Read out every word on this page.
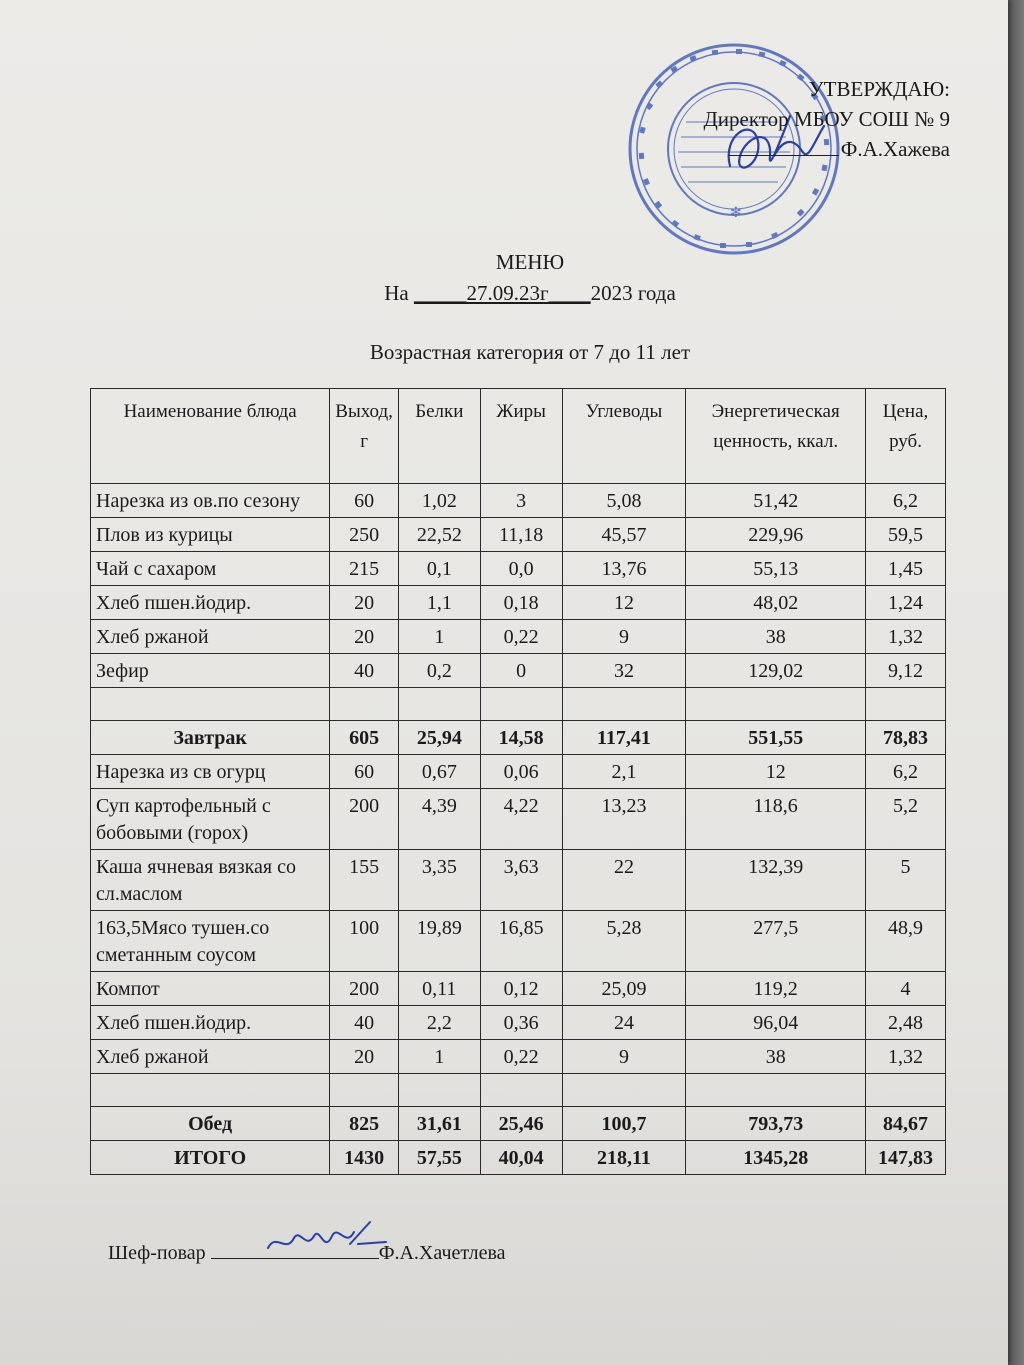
✻
УТВЕРЖДАЮ:
Директор МБОУ СОШ № 9
Ф.А.Хажева
МЕНЮ
На _____27.09.23г____2023 года
Возрастная категория от 7 до 11 лет
Наименование блюда	Выход, г	Белки	Жиры	Углеводы	Энергетическая ценность, ккал.	Цена, руб.
Нарезка из ов.по сезону	60	1,02	3	5,08	51,42	6,2
Плов из курицы	250	22,52	11,18	45,57	229,96	59,5
Чай с сахаром	215	0,1	0,0	13,76	55,13	1,45
Хлеб пшен.йодир.	20	1,1	0,18	12	48,02	1,24
Хлеб ржаной	20	1	0,22	9	38	1,32
Зефир	40	0,2	0	32	129,02	9,12

Завтрак	605	25,94	14,58	117,41	551,55	78,83
Нарезка из св огурц	60	0,67	0,06	2,1	12	6,2
Суп картофельный с бобовыми (горох)	200	4,39	4,22	13,23	118,6	5,2
Каша ячневая вязкая со сл.маслом	155	3,35	3,63	22	132,39	5
163,5Мясо тушен.со сметанным соусом	100	19,89	16,85	5,28	277,5	48,9
Компот	200	0,11	0,12	25,09	119,2	4
Хлеб пшен.йодир.	40	2,2	0,36	24	96,04	2,48
Хлеб ржаной	20	1	0,22	9	38	1,32

Обед	825	31,61	25,46	100,7	793,73	84,67
ИТОГО	1430	57,55	40,04	218,11	1345,28	147,83
Шеф-повар	Ф.А.Хачетлева
